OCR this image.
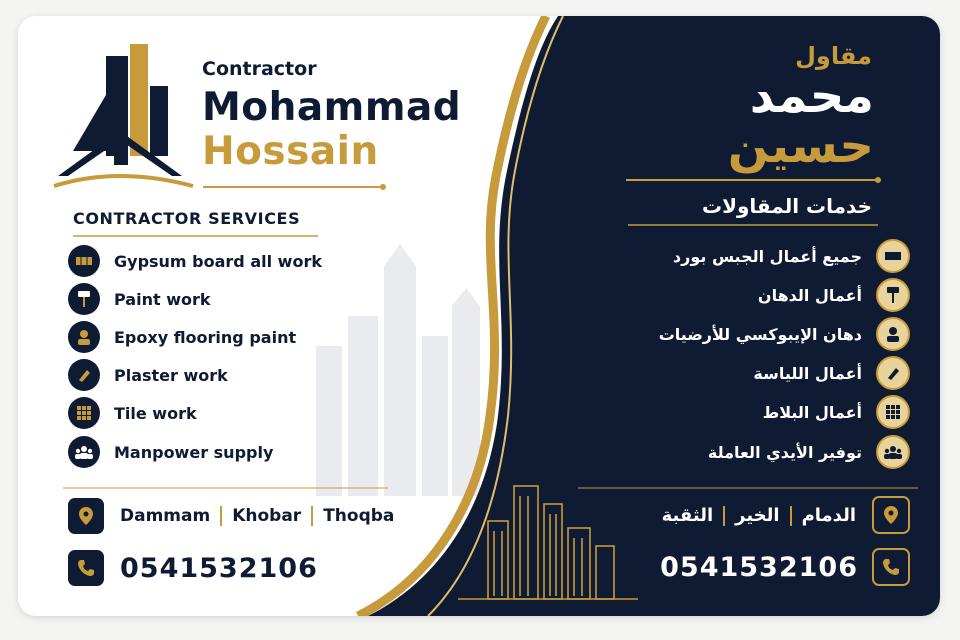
Contractor
Mohammad
Hossain
CONTRACTOR SERVICES
Gypsum board all work
Paint work
Epoxy flooring paint
Plaster work
Tile work
Manpower supply
Dammam Khobar Thoqba
0541532106
مقاول
محمد
حسين
خدمات المقاولات
جميع أعمال الجبس بورد
أعمال الدهان
دهان الإيبوكسي للأرضيات
أعمال اللياسة
أعمال البلاط
توفير الأيدي العاملة
الدمامالخيرالثقبة
0541532106
